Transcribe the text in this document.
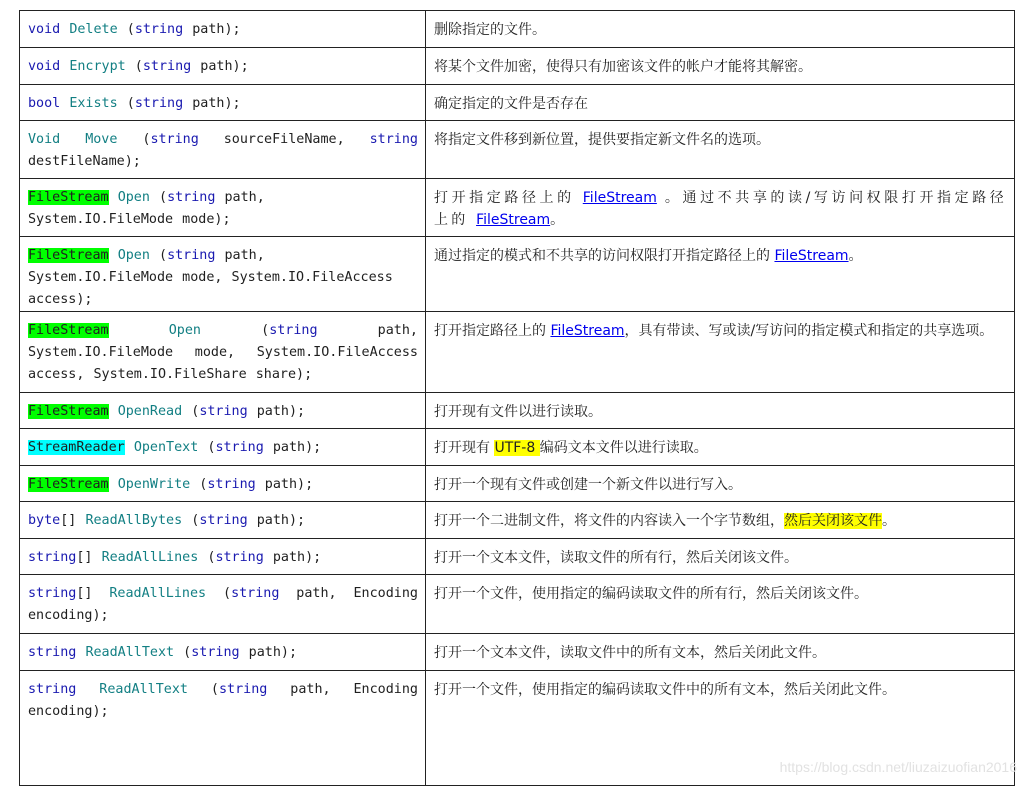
void Delete (string path);	删除指定的文件。
void Encrypt (string path);	将某个文件加密，使得只有加密该文件的帐户才能将其解密。
bool Exists (string path);	确定指定的文件是否存在
Void Move (string sourceFileName, string destFileName);	将指定文件移到新位置，提供要指定新文件名的选项。
FileStream Open (string path, System.IO.FileMode mode);	打开指定路径上的 FileStream 。通过不共享的读/写访问权限打开指定路径上的 FileStream。
FileStream Open (string path, System.IO.FileMode mode, System.IO.FileAccess access);	通过指定的模式和不共享的访问权限打开指定路径上的 FileStream。
FileStream Open (string path, System.IO.FileMode mode, System.IO.FileAccess access, System.IO.FileShare share);	打开指定路径上的 FileStream，具有带读、写或读/写访问的指定模式和指定的共享选项。
FileStream OpenRead (string path);	打开现有文件以进行读取。
StreamReader OpenText (string path);	打开现有 UTF-8 编码文本文件以进行读取。
FileStream OpenWrite (string path);	打开一个现有文件或创建一个新文件以进行写入。
byte[] ReadAllBytes (string path);	打开一个二进制文件，将文件的内容读入一个字节数组，然后关闭该文件。
string[] ReadAllLines (string path);	打开一个文本文件，读取文件的所有行，然后关闭该文件。
string[] ReadAllLines (string path, Encoding encoding);	打开一个文件，使用指定的编码读取文件的所有行，然后关闭该文件。
string ReadAllText (string path);	打开一个文本文件，读取文件中的所有文本，然后关闭此文件。
string ReadAllText (string path, Encoding encoding);	打开一个文件，使用指定的编码读取文件中的所有文本，然后关闭此文件。
https://blog.csdn.net/liuzaizuofian2016
